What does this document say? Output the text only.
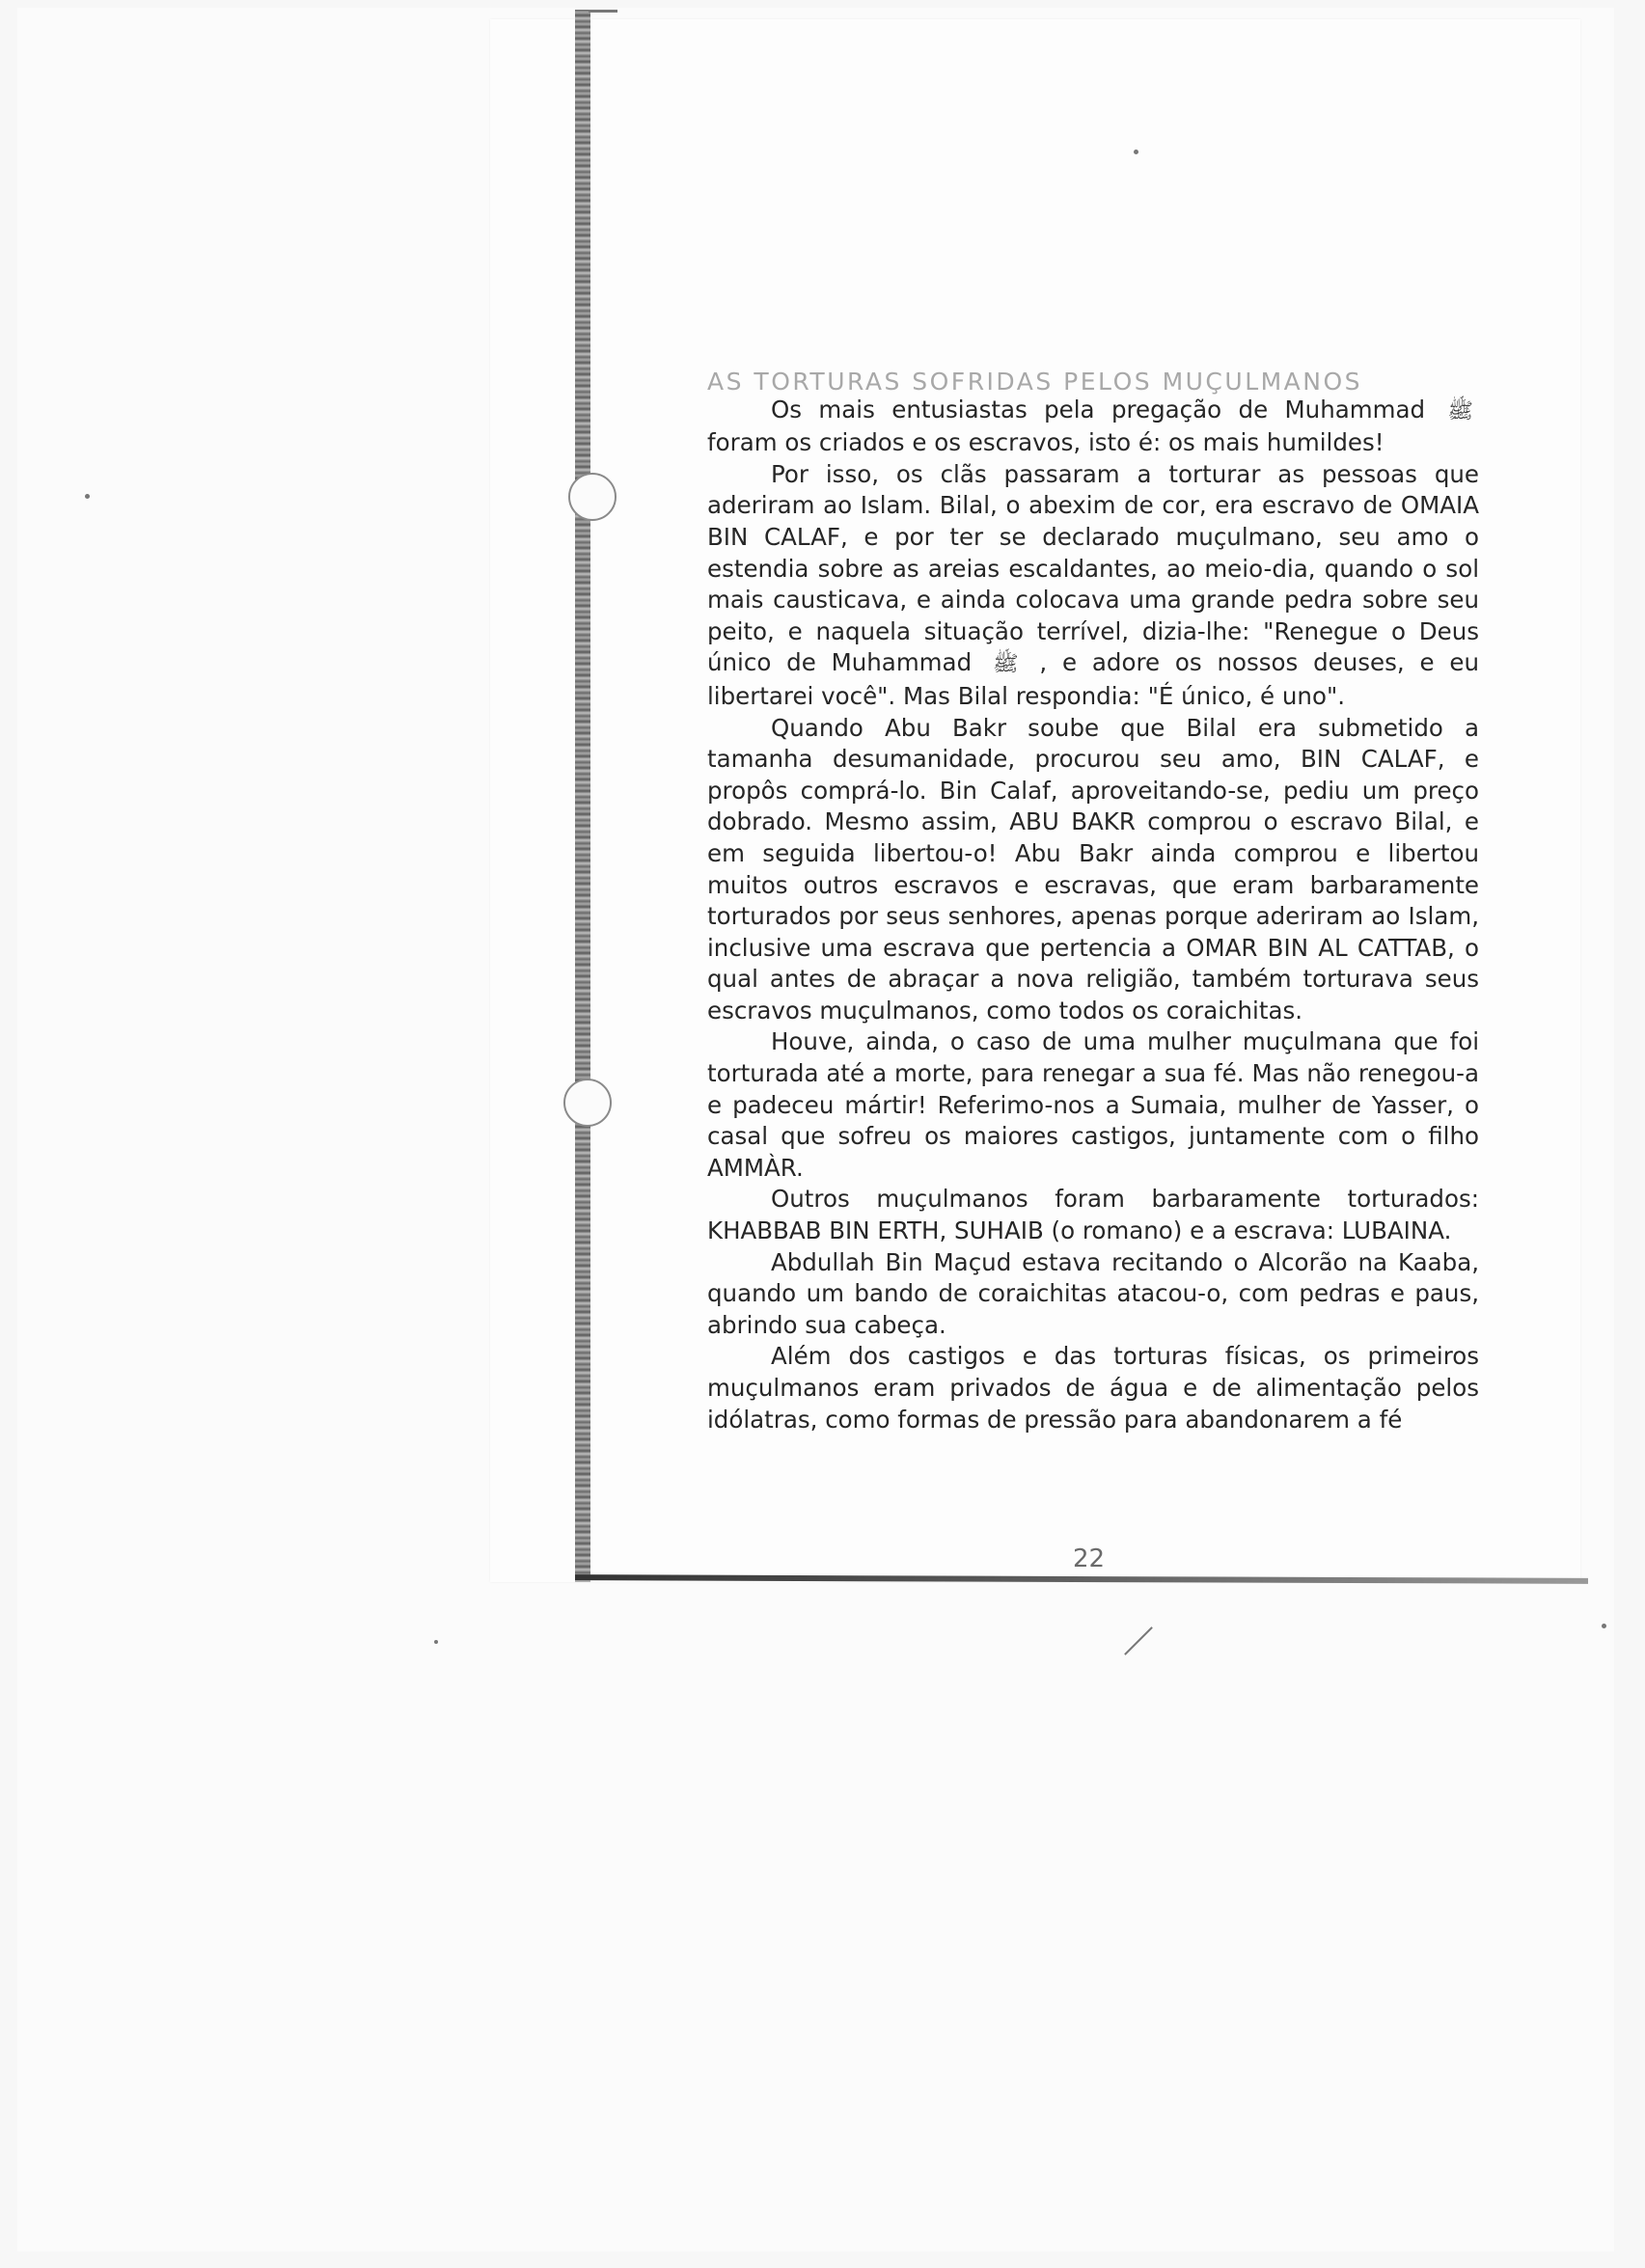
AS TORTURAS SOFRIDAS PELOS MUÇULMANOS

Os mais entusiastas pela pregação de Muhammad ﷺ foram os criados e os escravos, isto é: os mais humildes!

Por isso, os clãs passaram a torturar as pessoas que aderiram ao Islam. Bilal, o abexim de cor, era escravo de OMAIA BIN CALAF, e por ter se declarado muçulmano, seu amo o estendia sobre as areias escaldantes, ao meio-dia, quando o sol mais causticava, e ainda colocava uma grande pedra sobre seu peito, e naquela situação terrível, dizia-lhe: "Renegue o Deus único de Muhammad ﷺ , e adore os nossos deuses, e eu libertarei você". Mas Bilal respondia: "É único, é uno".

Quando Abu Bakr soube que Bilal era submetido a tamanha desumanidade, procurou seu amo, BIN CALAF, e propôs comprá-lo. Bin Calaf, aproveitando-se, pediu um preço dobrado. Mesmo assim, ABU BAKR comprou o escravo Bilal, e em seguida libertou-o! Abu Bakr ainda comprou e libertou muitos outros escravos e escravas, que eram barbaramente torturados por seus senhores, apenas porque aderiram ao Islam, inclusive uma escrava que pertencia a OMAR BIN AL CATTAB, o qual antes de abraçar a nova religião, também torturava seus escravos muçulmanos, como todos os coraichitas.

Houve, ainda, o caso de uma mulher muçulmana que foi torturada até a morte, para renegar a sua fé. Mas não renegou-a e padeceu mártir! Referimo-nos a Sumaia, mulher de Yasser, o casal que sofreu os maiores castigos, juntamente com o filho AMMÀR.

Outros muçulmanos foram barbaramente torturados: KHABBAB BIN ERTH, SUHAIB (o romano) e a escrava: LUBAINA.

Abdullah Bin Maçud estava recitando o Alcorão na Kaaba, quando um bando de coraichitas atacou-o, com pedras e paus, abrindo sua cabeça.

Além dos castigos e das torturas físicas, os primeiros muçulmanos eram privados de água e de alimentação pelos idólatras, como formas de pressão para abandonarem a fé

22
